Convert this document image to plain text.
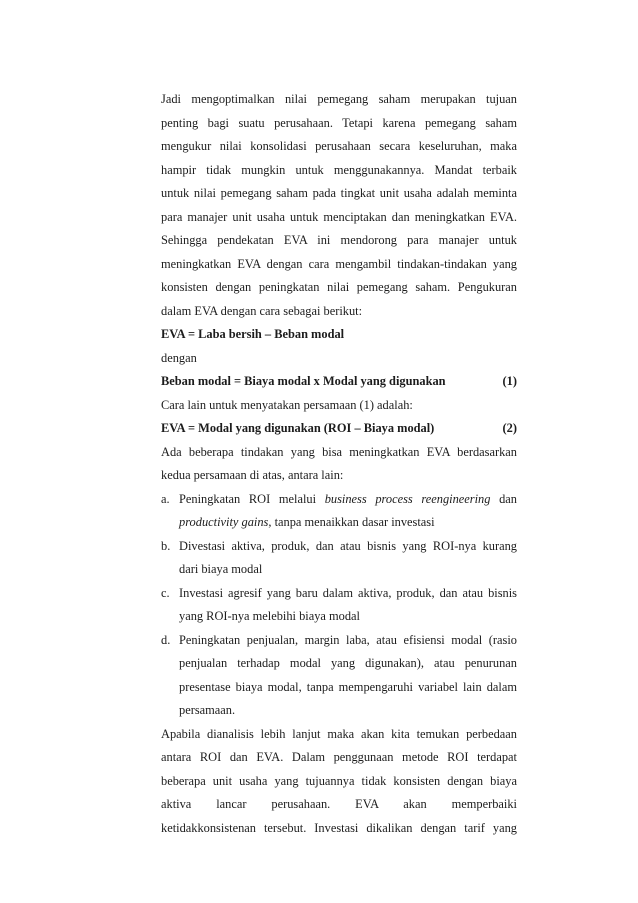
Jadi mengoptimalkan nilai pemegang saham merupakan tujuan
penting bagi suatu perusahaan. Tetapi karena pemegang saham
mengukur nilai konsolidasi perusahaan secara keseluruhan, maka
hampir tidak mungkin untuk menggunakannya. Mandat terbaik
untuk nilai pemegang saham pada tingkat unit usaha adalah meminta
para manajer unit usaha untuk menciptakan dan meningkatkan EVA.
Sehingga pendekatan EVA ini mendorong para manajer untuk
meningkatkan EVA dengan cara mengambil tindakan-tindakan yang
konsisten dengan peningkatan nilai pemegang saham. Pengukuran
dalam EVA dengan cara sebagai berikut:
EVA = Laba bersih – Beban modal
dengan
Beban modal = Biaya modal x Modal yang digunakan	(1)
Cara lain untuk menyatakan persamaan (1) adalah:
EVA = Modal yang digunakan (ROI – Biaya modal)	(2)
Ada beberapa tindakan yang bisa meningkatkan EVA berdasarkan
kedua persamaan di atas, antara lain:
a. Peningkatan ROI melalui business process reengineering dan
productivity gains, tanpa menaikkan dasar investasi
b. Divestasi aktiva, produk, dan atau bisnis yang ROI-nya kurang
dari biaya modal
c. Investasi agresif yang baru dalam aktiva, produk, dan atau bisnis
yang ROI-nya melebihi biaya modal
d. Peningkatan penjualan, margin laba, atau efisiensi modal (rasio
penjualan terhadap modal yang digunakan), atau penurunan
presentase biaya modal, tanpa mempengaruhi variabel lain dalam
persamaan.
Apabila dianalisis lebih lanjut maka akan kita temukan perbedaan
antara ROI dan EVA. Dalam penggunaan metode ROI terdapat
beberapa unit usaha yang tujuannya tidak konsisten dengan biaya
aktiva lancar perusahaan. EVA akan memperbaiki
ketidakkonsistenan tersebut. Investasi dikalikan dengan tarif yang
